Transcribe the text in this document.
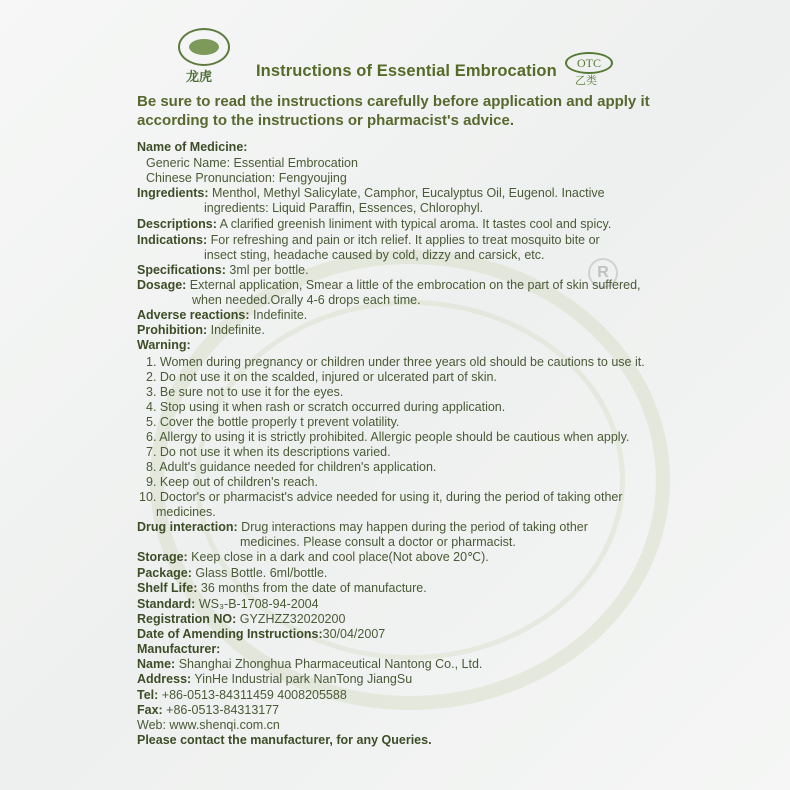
R
龙虎	Instructions of Essential Embrocation	OTC
乙类
Be sure to read the instructions carefully before application and apply it according to the instructions or pharmacist's advice.
Name of Medicine:
Generic Name: Essential Embrocation
Chinese Pronunciation: Fengyoujing
Ingredients: Menthol, Methyl Salicylate, Camphor, Eucalyptus Oil, Eugenol. Inactive
ingredients: Liquid Paraffin, Essences, Chlorophyl.
Descriptions: A clarified greenish liniment with typical aroma. It tastes cool and spicy.
Indications: For refreshing and pain or itch relief. It applies to treat mosquito bite or
insect sting, headache caused by cold, dizzy and carsick, etc.
Specifications: 3ml per bottle.
Dosage: External application, Smear a little of the embrocation on the part of skin suffered,
when needed.Orally 4-6 drops each time.
Adverse reactions: Indefinite.
Prohibition: Indefinite.
Warning:
1. Women during pregnancy or children under three years old should be cautions to use it.
2. Do not use it on the scalded, injured or ulcerated part of skin.
3. Be sure not to use it for the eyes.
4. Stop using it when rash or scratch occurred during application.
5. Cover the bottle properly t prevent volatility.
6. Allergy to using it is strictly prohibited. Allergic people should be cautious when apply.
7. Do not use it when its descriptions varied.
8. Adult's guidance needed for children's application.
9. Keep out of children's reach.
10. Doctor's or pharmacist's advice needed for using it, during the period of taking other
medicines.
Drug interaction: Drug interactions may happen during the period of taking other
medicines. Please consult a doctor or pharmacist.
Storage: Keep close in a dark and cool place(Not above 20℃).
Package: Glass Bottle. 6ml/bottle.
Shelf Life: 36 months from the date of manufacture.
Standard: WS₃-B-1708-94-2004
Registration NO: GYZHZZ32020200
Date of Amending Instructions:30/04/2007
Manufacturer:
Name: Shanghai Zhonghua Pharmaceutical Nantong Co., Ltd.
Address: YinHe Industrial park NanTong JiangSu
Tel: +86-0513-84311459 4008205588
Fax: +86-0513-84313177
Web: www.shenqi.com.cn
Please contact the manufacturer, for any Queries.
